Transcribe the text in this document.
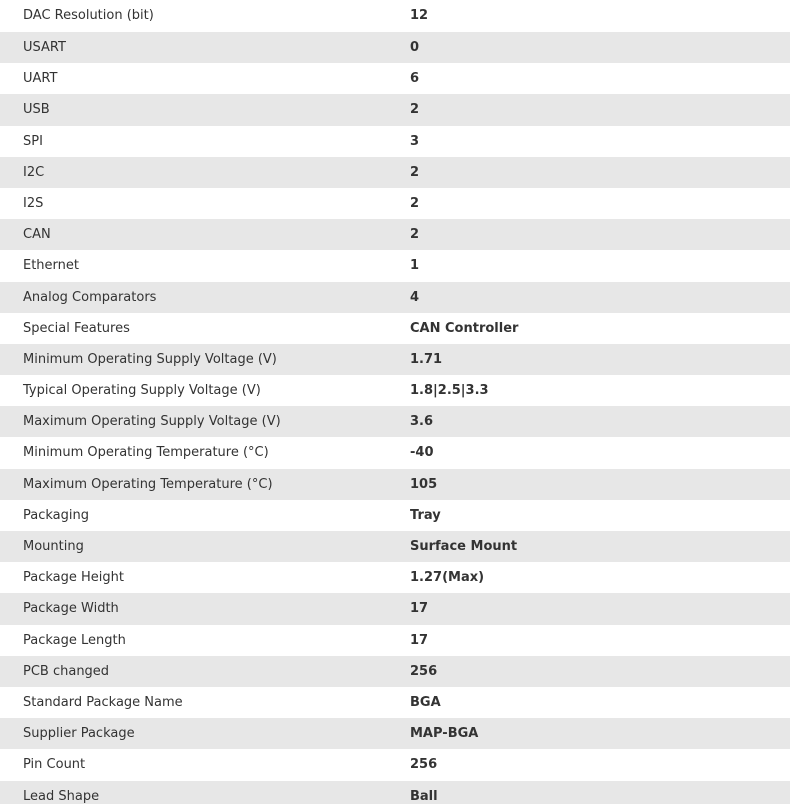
DAC Resolution (bit)	12
USART	0
UART	6
USB	2
SPI	3
I2C	2
I2S	2
CAN	2
Ethernet	1
Analog Comparators	4
Special Features	CAN Controller
Minimum Operating Supply Voltage (V)	1.71
Typical Operating Supply Voltage (V)	1.8|2.5|3.3
Maximum Operating Supply Voltage (V)	3.6
Minimum Operating Temperature (°C)	-40
Maximum Operating Temperature (°C)	105
Packaging	Tray
Mounting	Surface Mount
Package Height	1.27(Max)
Package Width	17
Package Length	17
PCB changed	256
Standard Package Name	BGA
Supplier Package	MAP-BGA
Pin Count	256
Lead Shape	Ball
